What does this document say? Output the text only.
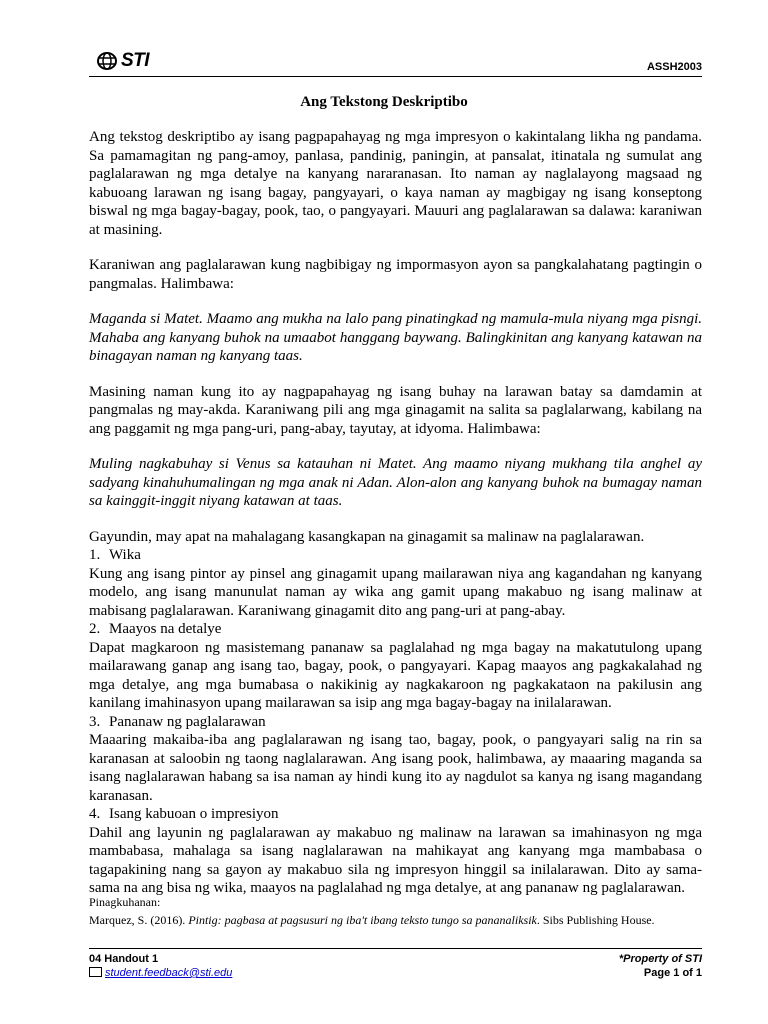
STI	ASSH2003
Ang Tekstong Deskriptibo

Ang tekstog deskriptibo ay isang pagpapahayag ng mga impresyon o kakintalang likha ng pandama. Sa pamamagitan ng pang-amoy, panlasa, pandinig, paningin, at pansalat, itinatala ng sumulat ang paglalarawan ng mga detalye na kanyang nararanasan. Ito naman ay naglalayong magsaad ng kabuoang larawan ng isang bagay, pangyayari, o kaya naman ay magbigay ng isang konseptong biswal ng mga bagay-bagay, pook, tao, o pangyayari. Mauuri ang paglalarawan sa dalawa: karaniwan at masining.

Karaniwan ang paglalarawan kung nagbibigay ng impormasyon ayon sa pangkalahatang pagtingin o pangmalas. Halimbawa:

Maganda si Matet. Maamo ang mukha na lalo pang pinatingkad ng mamula-mula niyang mga pisngi. Mahaba ang kanyang buhok na umaabot hanggang baywang. Balingkinitan ang kanyang katawan na binagayan naman ng kanyang taas.

Masining naman kung ito ay nagpapahayag ng isang buhay na larawan batay sa damdamin at pangmalas ng may-akda. Karaniwang pili ang mga ginagamit na salita sa paglalarwang, kabilang na ang paggamit ng mga pang-uri, pang-abay, tayutay, at idyoma. Halimbawa:

Muling nagkabuhay si Venus sa katauhan ni Matet. Ang maamo niyang mukhang tila anghel ay sadyang kinahuhumalingan ng mga anak ni Adan. Alon-alon ang kanyang buhok na bumagay naman sa kainggit-inggit niyang katawan at taas.

Gayundin, may apat na mahalagang kasangkapan na ginagamit sa malinaw na paglalarawan.

1. Wika

Kung ang isang pintor ay pinsel ang ginagamit upang mailarawan niya ang kagandahan ng kanyang modelo, ang isang manunulat naman ay wika ang gamit upang makabuo ng isang malinaw at mabisang paglalarawan. Karaniwang ginagamit dito ang pang-uri at pang-abay.

2. Maayos na detalye

Dapat magkaroon ng masistemang pananaw sa paglalahad ng mga bagay na makatutulong upang mailarawang ganap ang isang tao, bagay, pook, o pangyayari. Kapag maayos ang pagkakalahad ng mga detalye, ang mga bumabasa o nakikinig ay nagkakaroon ng pagkakataon na pakilusin ang kanilang imahinasyon upang mailarawan sa isip ang mga bagay-bagay na inilalarawan.

3. Pananaw ng paglalarawan

Maaaring makaiba-iba ang paglalarawan ng isang tao, bagay, pook, o pangyayari salig na rin sa karanasan at saloobin ng taong naglalarawan. Ang isang pook, halimbawa, ay maaaring maganda sa isang naglalarawan habang sa isa naman ay hindi kung ito ay nagdulot sa kanya ng isang magandang karanasan.

4. Isang kabuoan o impresiyon

Dahil ang layunin ng paglalarawan ay makabuo ng malinaw na larawan sa imahinasyon ng mga mambabasa, mahalaga sa isang naglalarawan na mahikayat ang kanyang mga mambabasa o tagapakining nang sa gayon ay makabuo sila ng impresyon hinggil sa inilalarawan. Dito ay sama-sama na ang bisa ng wika, maayos na paglalahad ng mga detalye, at ang pananaw ng paglalarawan.

Pinagkuhanan:
Marquez, S. (2016). Pintig: pagbasa at pagsusuri ng iba't ibang teksto tungo sa pananaliksik. Sibs Publishing House.
04 Handout 1
student.feedback@sti.edu
*Property of STI
Page 1 of 1
